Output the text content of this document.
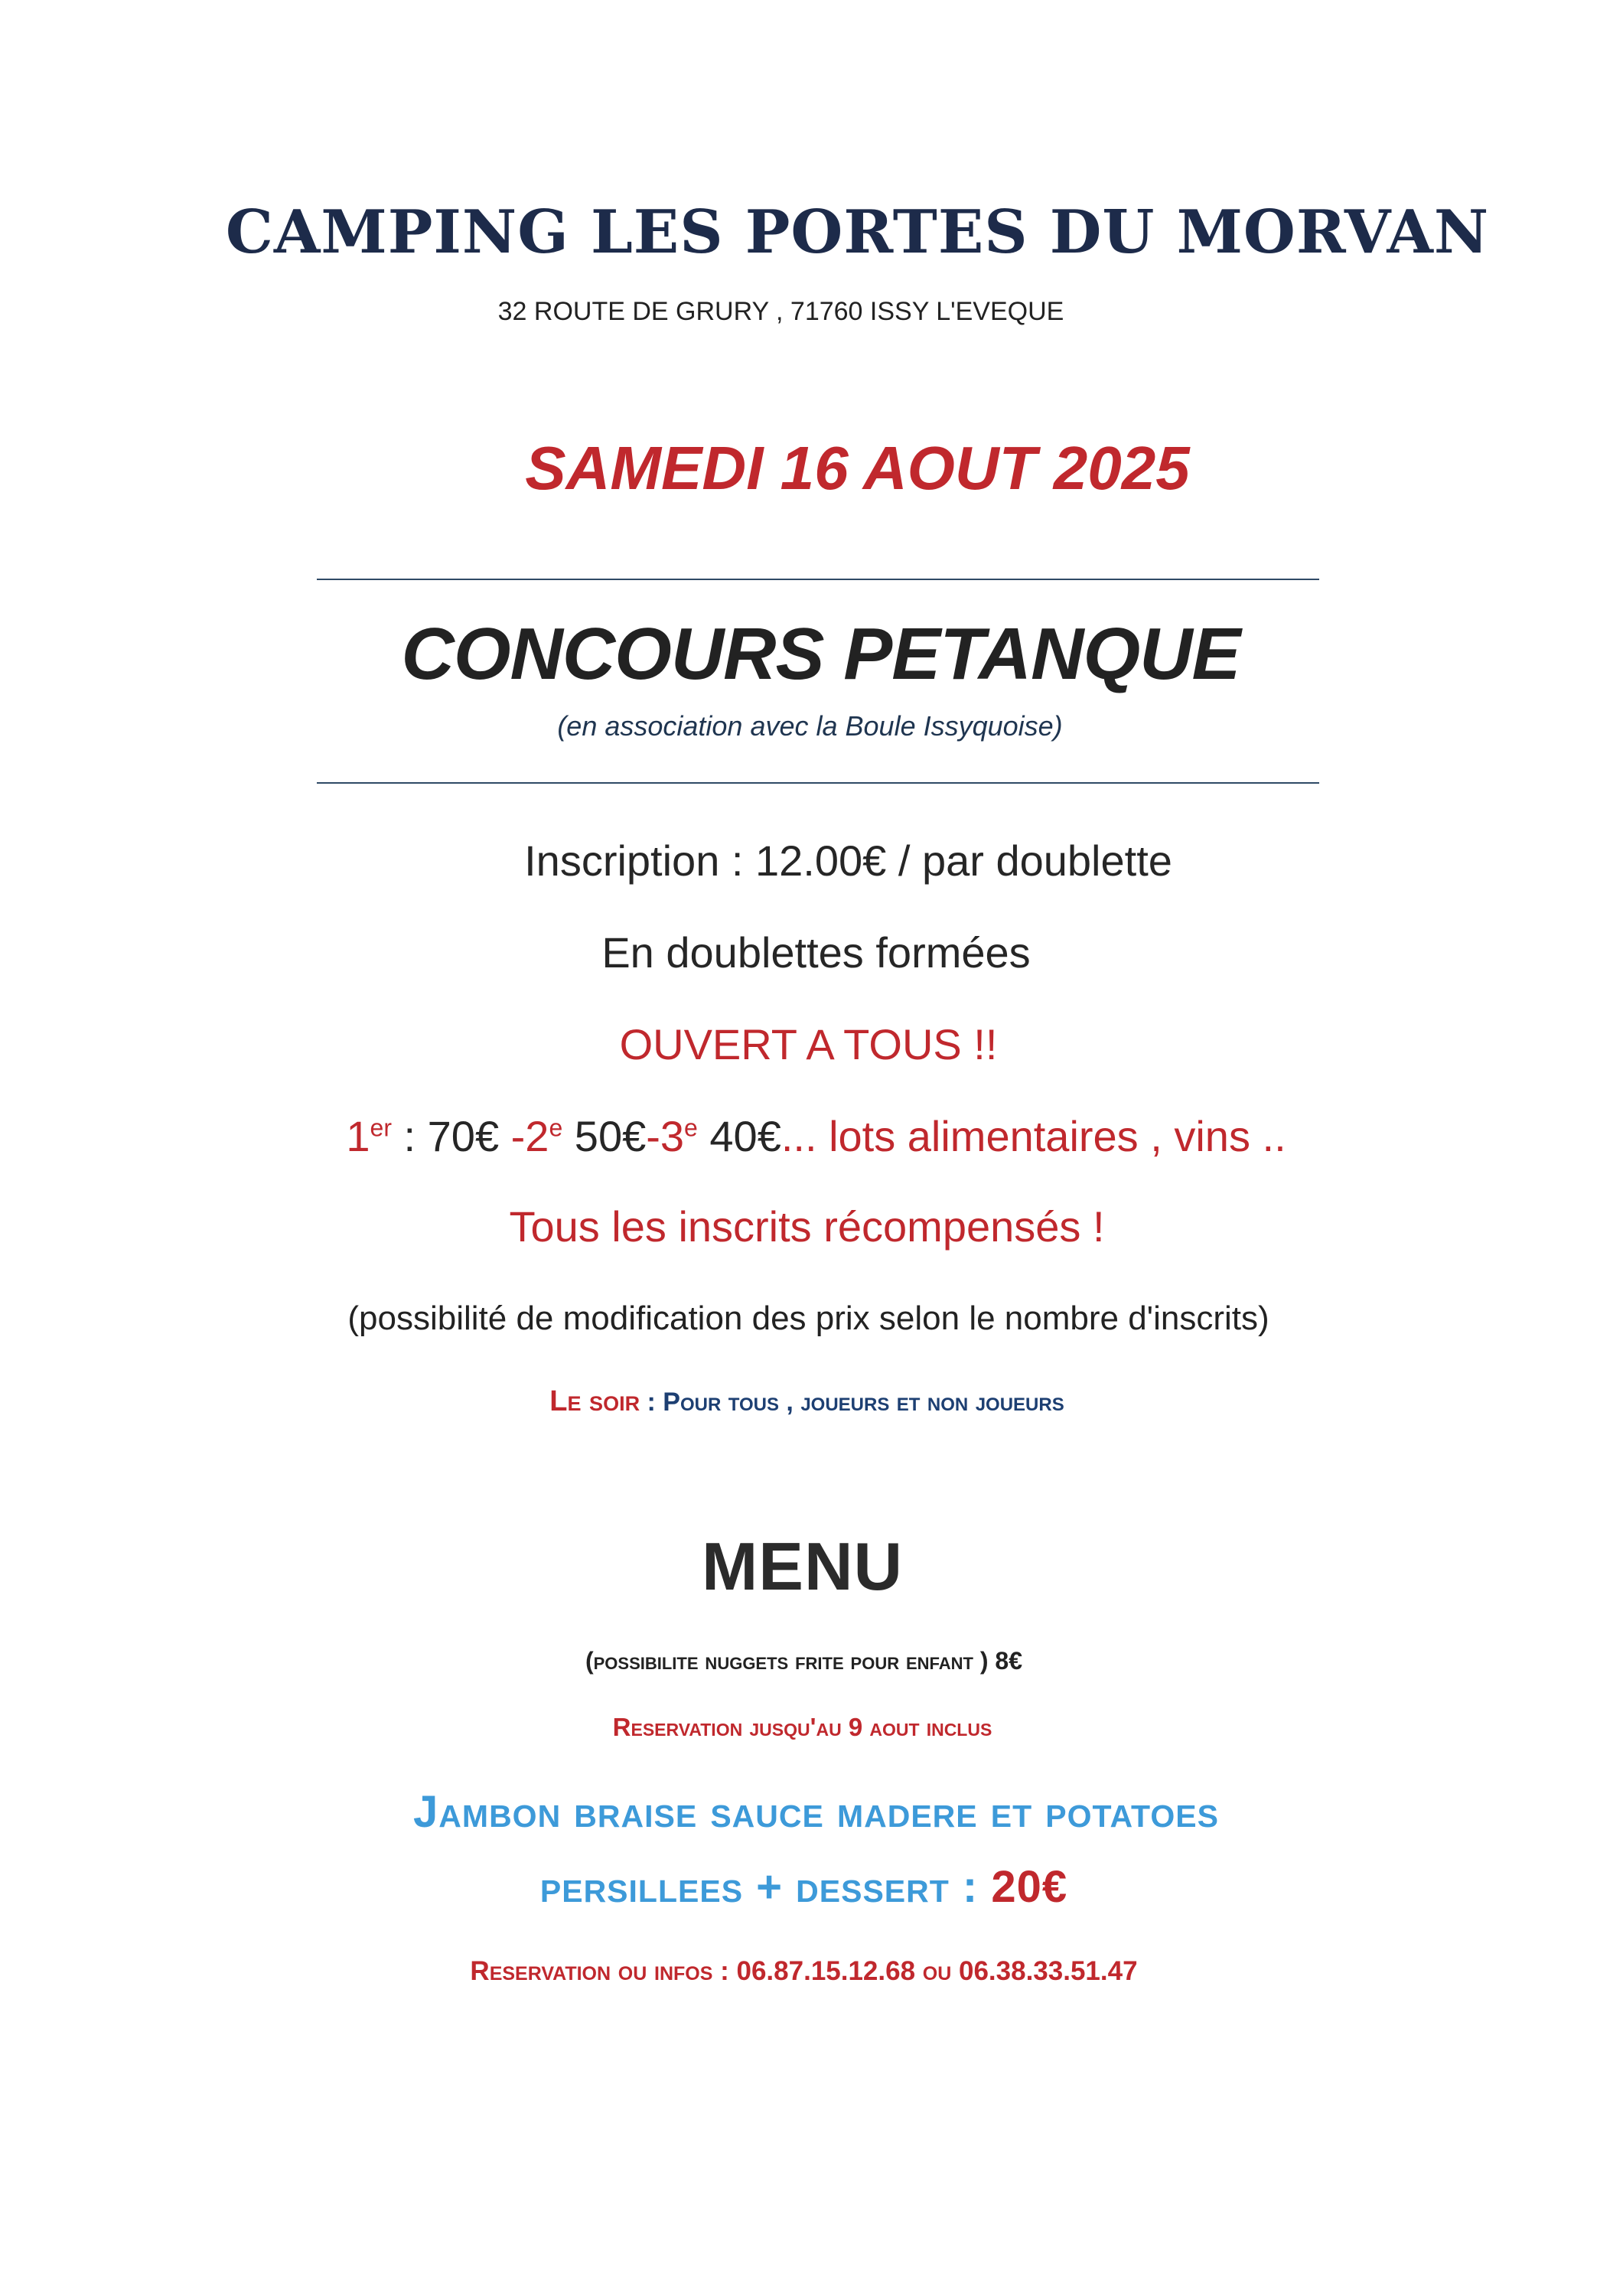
CAMPING LES PORTES DU MORVAN
32 ROUTE DE GRURY , 71760 ISSY L'EVEQUE
SAMEDI 16 AOUT 2025
CONCOURS PETANQUE
(en association avec la Boule Issyquoise)
Inscription : 12.00€ / par doublette
En doublettes formées
OUVERT A TOUS !!
1er : 70€ -2e 50€-3e 40€... lots alimentaires , vins ..
Tous les inscrits récompensés !
(possibilité de modification des prix selon le nombre d'inscrits)
Le soir : Pour tous , joueurs et non joueurs
MENU
(possibilite nuggets frite pour enfant ) 8€
Reservation jusqu'au 9 aout inclus
Jambon braise sauce madere et potatoes
persillees + dessert : 20€
Reservation ou infos : 06.87.15.12.68 ou 06.38.33.51.47
